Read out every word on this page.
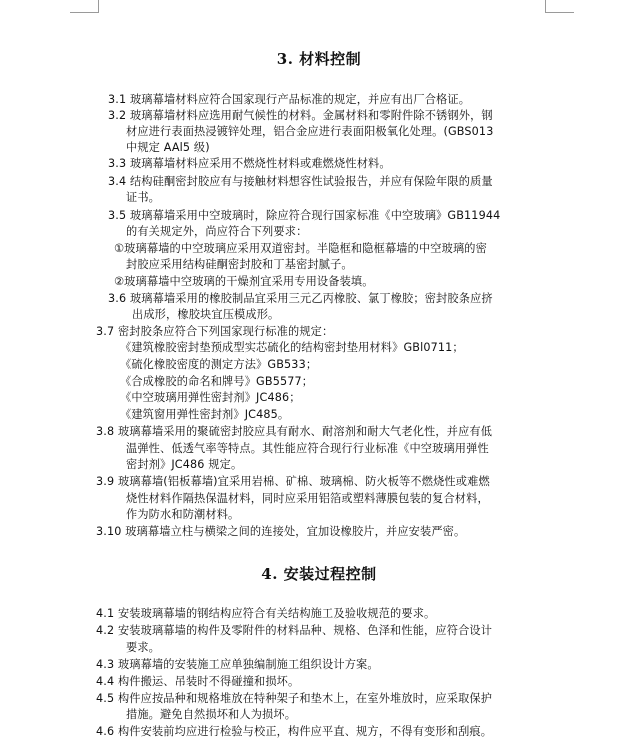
3. 材料控制
3.1 玻璃幕墙材料应符合国家现行产品标准的规定，并应有出厂合格证。
3.2 玻璃幕墙材料应选用耐气候性的材料。金属材料和零附件除不锈钢外，钢
材应进行表面热浸镀锌处理，铝合金应进行表面阳极氧化处理。(GBS013
中规定 AAl5 级)
3.3 玻璃幕墙材料应采用不燃烧性材料或难燃烧性材料。
3.4 结构硅酮密封胶应有与接触材料想容性试验报告，并应有保险年限的质量
证书。
3.5 玻璃幕墙采用中空玻璃时，除应符合现行国家标准《中空玻璃》GB11944
的有关规定外，尚应符合下列要求：
①玻璃幕墙的中空玻璃应采用双道密封。半隐框和隐框幕墙的中空玻璃的密
封胶应采用结构硅酮密封胶和丁基密封腻子。
②玻璃幕墙中空玻璃的干燥剂宜采用专用设备装填。
3.6 玻璃幕墙采用的橡胶制品宜采用三元乙丙橡胶、氯丁橡胶；密封胶条应挤
出成形，橡胶块宜压模成形。
3.7 密封胶条应符合下列国家现行标准的规定：
《建筑橡胶密封垫预成型实芯硫化的结构密封垫用材料》GBl0711；
《硫化橡胶密度的测定方法》GB533；
《合成橡胶的命名和牌号》GB5577；
《中空玻璃用弹性密封剂》JC486；
《建筑窗用弹性密封剂》JC485。
3.8 玻璃幕墙采用的聚硫密封胶应具有耐水、耐溶剂和耐大气老化性，并应有低
温弹性、低透气率等特点。其性能应符合现行行业标准《中空玻璃用弹性
密封剂》JC486 规定。
3.9 玻璃幕墙(铝板幕墙)宜采用岩棉、矿棉、玻璃棉、防火板等不燃烧性或难燃
烧性材料作隔热保温材料，同时应采用铝箔或塑料薄膜包装的复合材料，
作为防水和防潮材料。
3.10 玻璃幕墙立柱与横梁之间的连接处，宜加设橡胶片，并应安装严密。
4. 安装过程控制
4.1 安装玻璃幕墙的钢结构应符合有关结构施工及验收规范的要求。
4.2 安装玻璃幕墙的构件及零附件的材料品种、规格、色泽和性能，应符合设计
要求。
4.3 玻璃幕墙的安装施工应单独编制施工组织设计方案。
4.4 构件搬运、吊装时不得碰撞和损坏。
4.5 构件应按品种和规格堆放在特种架子和垫木上，在室外堆放时，应采取保护
措施。避免自然损坏和人为损坏。
4.6 构件安装前均应进行检验与校正，构件应平直、规方，不得有变形和刮痕。
